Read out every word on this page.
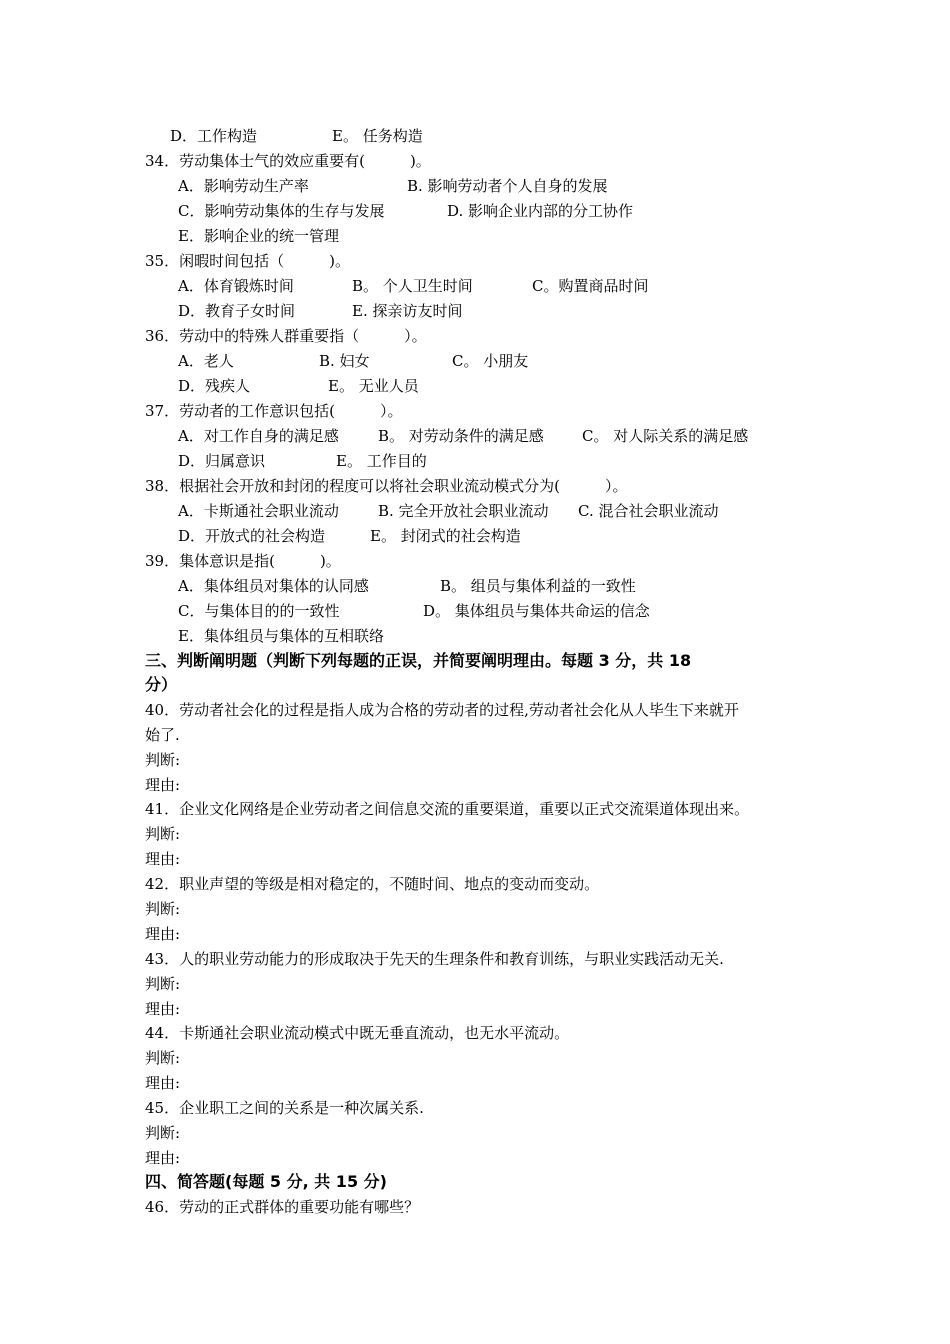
D．工作构造	E。 任务构造
34．劳动集体士气的效应重要有(　　　)。
A．影响劳动生产率	B. 影响劳动者个人自身的发展
C．影响劳动集体的生存与发展	D. 影响企业内部的分工协作
E．影响企业的统一管理
35．闲暇时间包括（　　　)。
A．体育锻炼时间	B。 个人卫生时间	C。购置商品时间
D．教育子女时间	E. 探亲访友时间
36．劳动中的特殊人群重要指（　　　）。
A．老人	B. 妇女	C。 小朋友
D．残疾人	E。 无业人员
37．劳动者的工作意识包括(　　　）。
A．对工作自身的满足感	B。 对劳动条件的满足感	C。 对人际关系的满足感
D．归属意识	E。 工作目的
38．根据社会开放和封闭的程度可以将社会职业流动模式分为(　　　）。
A．卡斯通社会职业流动	B. 完全开放社会职业流动 C. 混合社会职业流动
D．开放式的社会构造	E。 封闭式的社会构造
39．集体意识是指(　　　)。
A．集体组员对集体的认同感	B。 组员与集体利益的一致性
C．与集体目的的一致性	D。 集体组员与集体共命运的信念
E．集体组员与集体的互相联络
三、判断阐明题（判断下列每题的正误，并简要阐明理由。每题 3 分，共 18
分）
40．劳动者社会化的过程是指人成为合格的劳动者的过程,劳动者社会化从人毕生下来就开
始了.
判断:
理由:
41．企业文化网络是企业劳动者之间信息交流的重要渠道，重要以正式交流渠道体现出来。
判断:
理由:
42．职业声望的等级是相对稳定的，不随时间、地点的变动而变动。
判断:
理由:
43．人的职业劳动能力的形成取决于先天的生理条件和教育训练，与职业实践活动无关.
判断:
理由:
44．卡斯通社会职业流动模式中既无垂直流动，也无水平流动。
判断:
理由:
45．企业职工之间的关系是一种次属关系.
判断:
理由:
四、简答题(每题 5 分, 共 15 分)
46．劳动的正式群体的重要功能有哪些？
